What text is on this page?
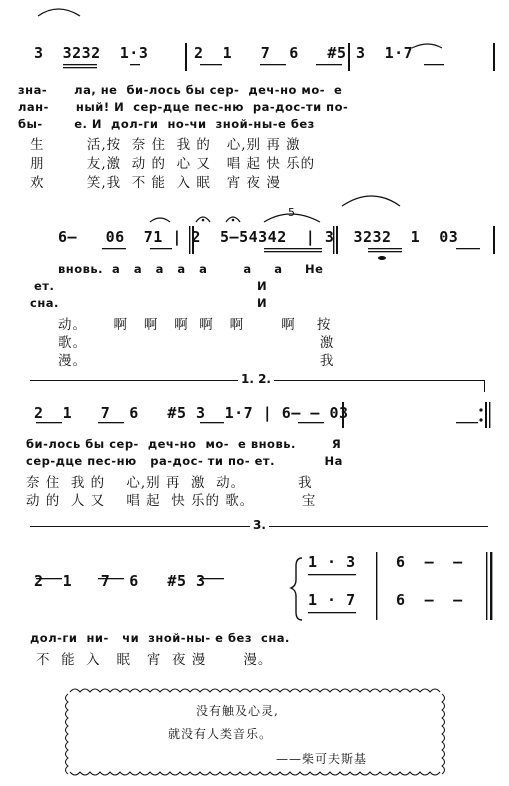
3  3232  1·3	2  1   7  6   #5 3  1·7
зна-      ла, не  би-лось бы сер-  деч-но мо-  е
лан-      ный! И  сер-дце пес-ню  ра-дос-ти по-
бы-       е. И  дол-ги  но-чи  зной-ны-е без
生        活,按  奈 住  我 的   心,别 再 激
朋        友,激  动 的  心 又   唱 起 快 乐的
欢        笑,我  不 能  入 眠   宵 夜 漫
6—   06  71 | 2  5—54342  | 3  3232  1  03
5
вновь.  а   а   а   а   а        а     а     Не
ет.                                             И
сна.                                            И
动。     啊   啊   啊  啊   啊       啊    按
歌。                                            激
漫。                                            我
1. 2.
2  1   7  6   #5 3  1·7 | 6— — 03
би-лось бы сер-  деч-но  мо-  е вновь.        Я
сер-дце пес-ню   ра-дос- ти по- ет.           На
奈 住  我 的    心,别 再  激  动。          我
动 的  人 又    唱 起  快 乐的 歌。         宝
3.
2  1   7  6   #5 3
1 · 3
1 · 7
6  —  —
6  —  —
дол-ги  ни-   чи  зной-ны- е без  сна.
不  能  入   眠   宵  夜 漫       漫。
没有触及心灵,
就没有人类音乐。
——柴可夫斯基
